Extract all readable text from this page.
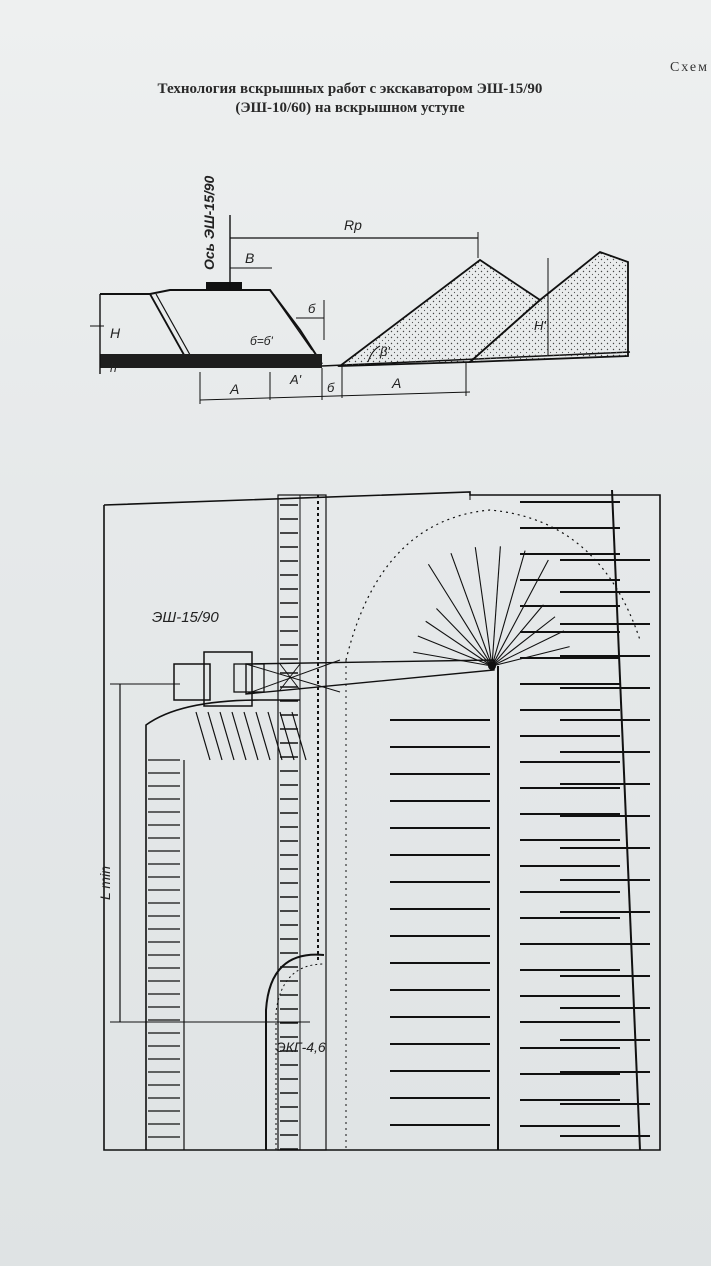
Схем
Технология вскрышных работ с экскаватором ЭШ-15/90
(ЭШ-10/60) на вскрышном уступе
Ось ЭШ-15/90	Rр
B
б
б=б'
H
h
H'
β'
A
A'
б	A
ЭШ-15/90
L min
ЭКГ-4,6
